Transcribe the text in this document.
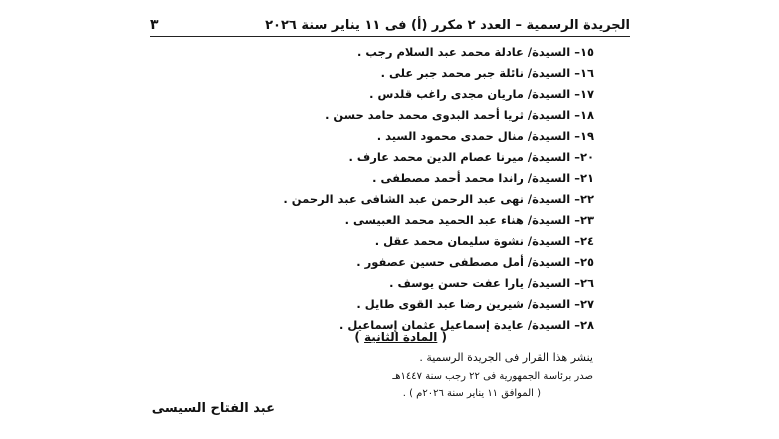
الجريدة الرسمية – العدد ٢ مكرر (أ) فى ١١ يناير سنة ٢٠٢٦
٣
١٥– السيدة/ عادلة محمد عبد السلام رجب .
١٦– السيدة/ نائلة جبر محمد جبر على .
١٧– السيدة/ ماريان مجدى راغب قلدس .
١٨– السيدة/ ثريا أحمد البدوى محمد حامد حسن .
١٩– السيدة/ منال حمدى محمود السيد .
٢٠– السيدة/ ميرنا عصام الدين محمد عارف .
٢١– السيدة/ راندا محمد أحمد مصطفى .
٢٢– السيدة/ نهى عبد الرحمن عبد الشافى عبد الرحمن .
٢٣– السيدة/ هناء عبد الحميد محمد العبيسى .
٢٤– السيدة/ نشوة سليمان محمد عقل .
٢٥– السيدة/ أمل مصطفى حسين عصفور .
٢٦– السيدة/ يارا عفت حسن يوسف .
٢٧– السيدة/ شيرين رضا عبد القوى طايل .
٢٨– السيدة/ عايدة إسماعيل عثمان إسماعيل .
( المادة الثانية )
ينشر هذا القرار فى الجريدة الرسمية .
صدر برئاسة الجمهورية فى ٢٢ رجب سنة ١٤٤٧هـ
( الموافق ١١ يناير سنة ٢٠٢٦م ) .
عبد الفتاح السيسى
